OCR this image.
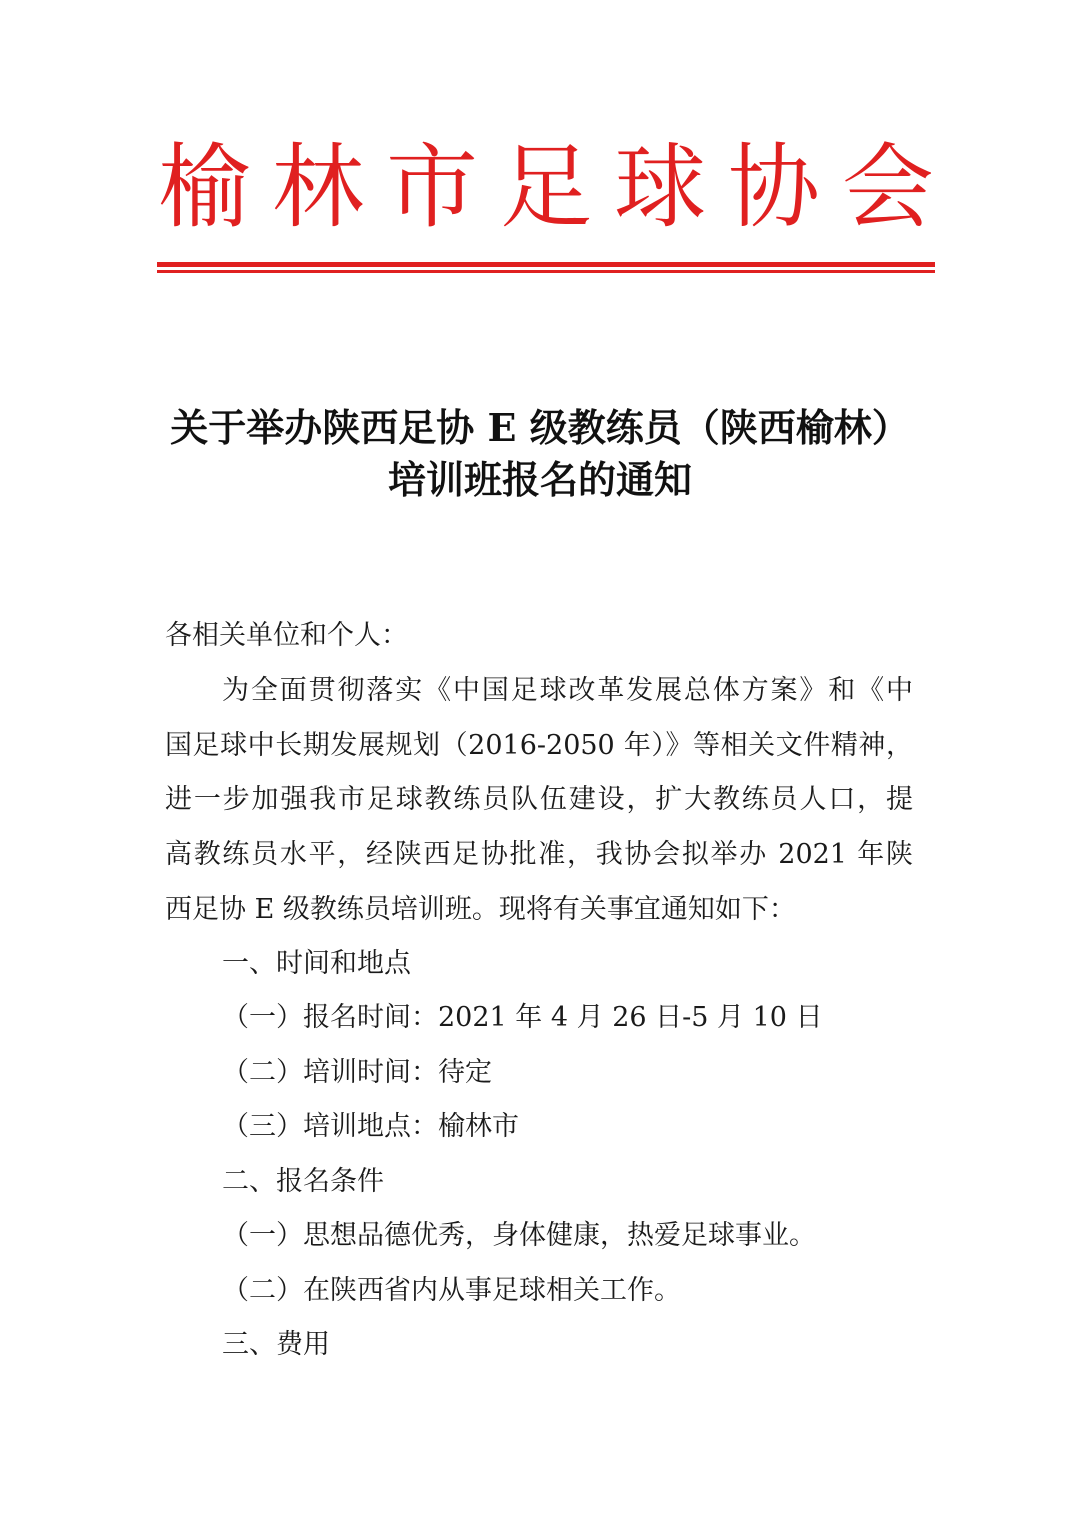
榆 林 市 足 球 协 会
关于举办陕西足协 E 级教练员（陕西榆林）
培训班报名的通知
各相关单位和个人：
为全面贯彻落实《中国足球改革发展总体方案》和《中
国足球中长期发展规划（2016-2050 年）》等相关文件精神，
进一步加强我市足球教练员队伍建设，扩大教练员人口，提
高教练员水平，经陕西足协批准，我协会拟举办 2021 年陕
西足协 E 级教练员培训班。现将有关事宜通知如下：
一、时间和地点
（一）报名时间：2021 年 4 月 26 日-5 月 10 日
（二）培训时间：待定
（三）培训地点：榆林市
二、报名条件
（一）思想品德优秀，身体健康，热爱足球事业。
（二）在陕西省内从事足球相关工作。
三、费用
